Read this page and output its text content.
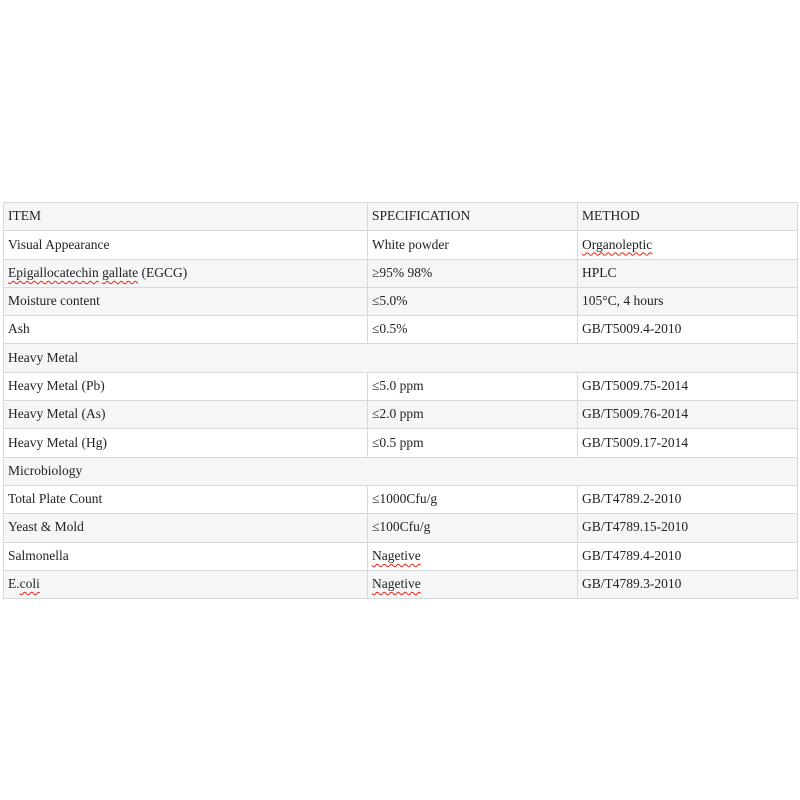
ITEM	SPECIFICATION	METHOD
Visual Appearance	White powder	Organoleptic
Epigallocatechin gallate (EGCG)	≥95% 98%	HPLC
Moisture content	≤5.0%	105°C, 4 hours
Ash	≤0.5%	GB/T5009.4-2010
Heavy Metal		
Heavy Metal (Pb)	≤5.0 ppm	GB/T5009.75-2014
Heavy Metal (As)	≤2.0 ppm	GB/T5009.76-2014
Heavy Metal (Hg)	≤0.5 ppm	GB/T5009.17-2014
Microbiology		
Total Plate Count	≤1000Cfu/g	GB/T4789.2-2010
Yeast & Mold	≤100Cfu/g	GB/T4789.15-2010
Salmonella	Nagetive	GB/T4789.4-2010
E.coli	Nagetive	GB/T4789.3-2010
